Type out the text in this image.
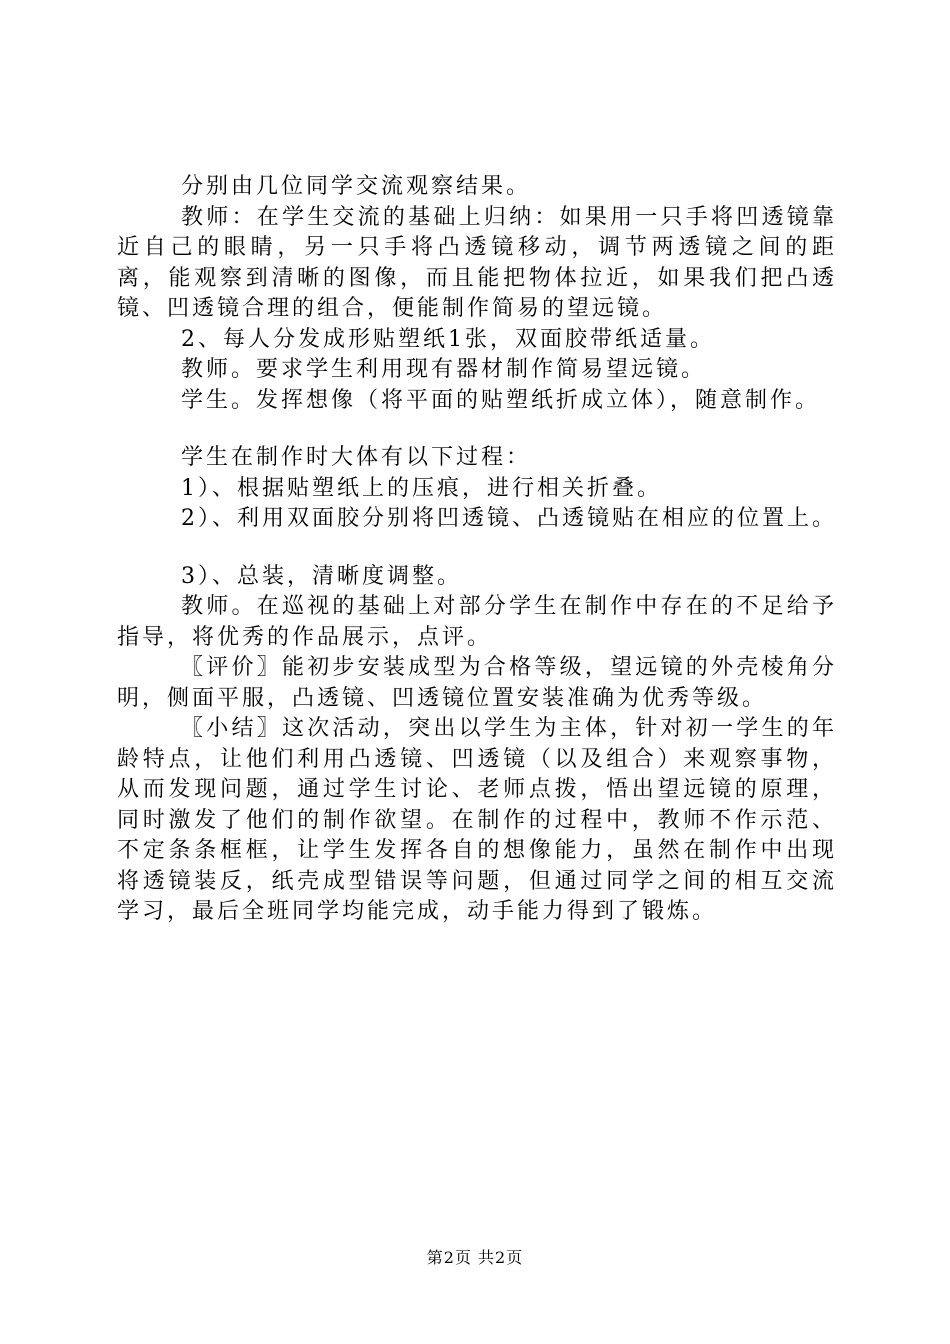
分别由几位同学交流观察结果。

教师：在学生交流的基础上归纳：如果用一只手将凹透镜靠近自己的眼睛，另一只手将凸透镜移动，调节两透镜之间的距离，能观察到清晰的图像，而且能把物体拉近，如果我们把凸透镜、凹透镜合理的组合，便能制作简易的望远镜。

2、每人分发成形贴塑纸1张，双面胶带纸适量。

教师。要求学生利用现有器材制作简易望远镜。

学生。发挥想像（将平面的贴塑纸折成立体），随意制作。

学生在制作时大体有以下过程：

1）、根据贴塑纸上的压痕，进行相关折叠。

2）、利用双面胶分别将凹透镜、凸透镜贴在相应的位置上。

3）、总装，清晰度调整。

教师。在巡视的基础上对部分学生在制作中存在的不足给予指导，将优秀的作品展示，点评。

〖评价〗能初步安装成型为合格等级，望远镜的外壳棱角分明，侧面平服，凸透镜、凹透镜位置安装准确为优秀等级。

〖小结〗这次活动，突出以学生为主体，针对初一学生的年龄特点，让他们利用凸透镜、凹透镜（以及组合）来观察事物，从而发现问题，通过学生讨论、老师点拨，悟出望远镜的原理，同时激发了他们的制作欲望。在制作的过程中，教师不作示范、不定条条框框，让学生发挥各自的想像能力，虽然在制作中出现将透镜装反，纸壳成型错误等问题，但通过同学之间的相互交流学习，最后全班同学均能完成，动手能力得到了锻炼。

第2页 共2页
